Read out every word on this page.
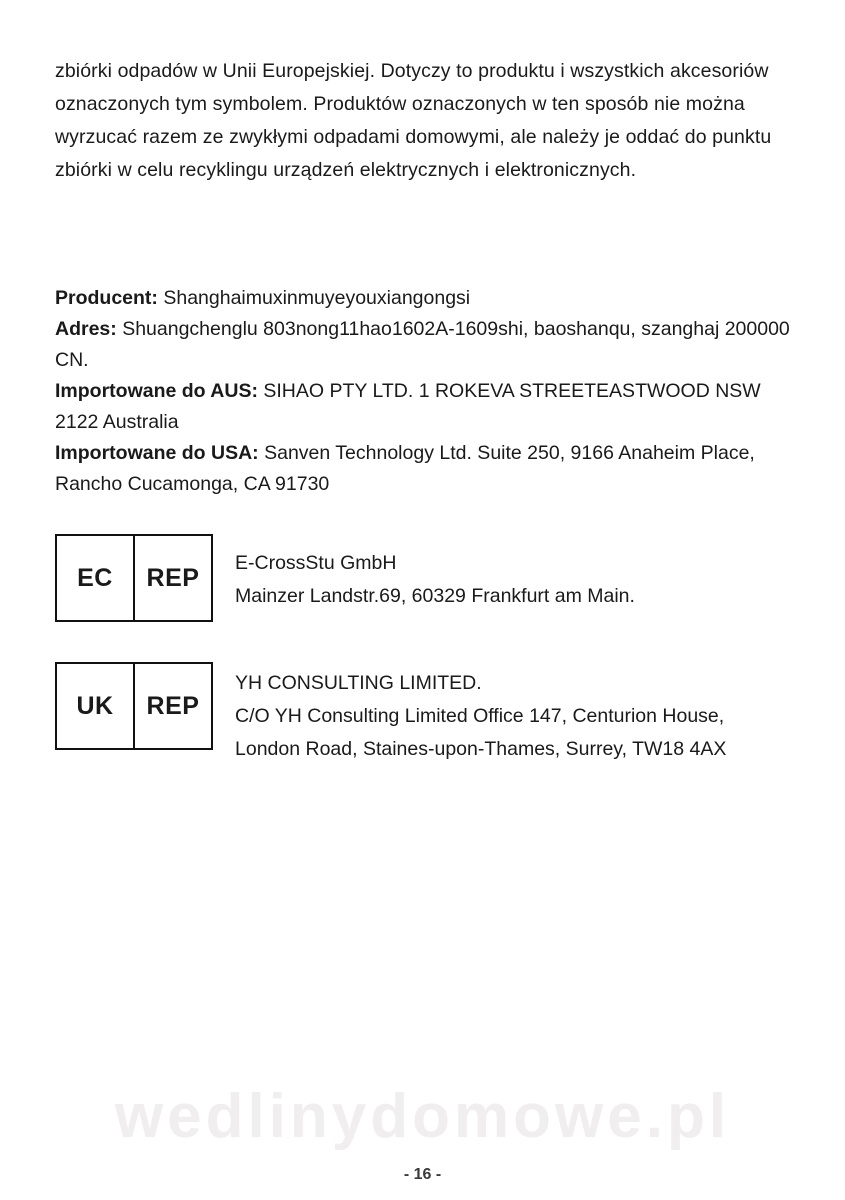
zbiórki odpadów w Unii Europejskiej. Dotyczy to produktu i wszystkich akcesoriów oznaczonych tym symbolem. Produktów oznaczonych w ten sposób nie można wyrzucać razem ze zwykłymi odpadami domowymi, ale należy je oddać do punktu zbiórki w celu recyklingu urządzeń elektrycznych i elektronicznych.

Producent: Shanghaimuxinmuyeyouxiangongsi

Adres: Shuangchenglu 803nong11hao1602A-1609shi, baoshanqu, szanghaj 200000 CN.

Importowane do AUS: SIHAO PTY LTD. 1 ROKEVA STREETEASTWOOD NSW 2122 Australia

Importowane do USA: Sanven Technology Ltd. Suite 250, 9166 Anaheim Place, Rancho Cucamonga, CA 91730

EC	REP

E-CrossStu GmbH

Mainzer Landstr.69, 60329 Frankfurt am Main.

UK	REP

YH CONSULTING LIMITED.

C/O YH Consulting Limited Office 147, Centurion House, London Road, Staines-upon-Thames, Surrey, TW18 4AX

wedlinydomowe.pl
- 16 -
